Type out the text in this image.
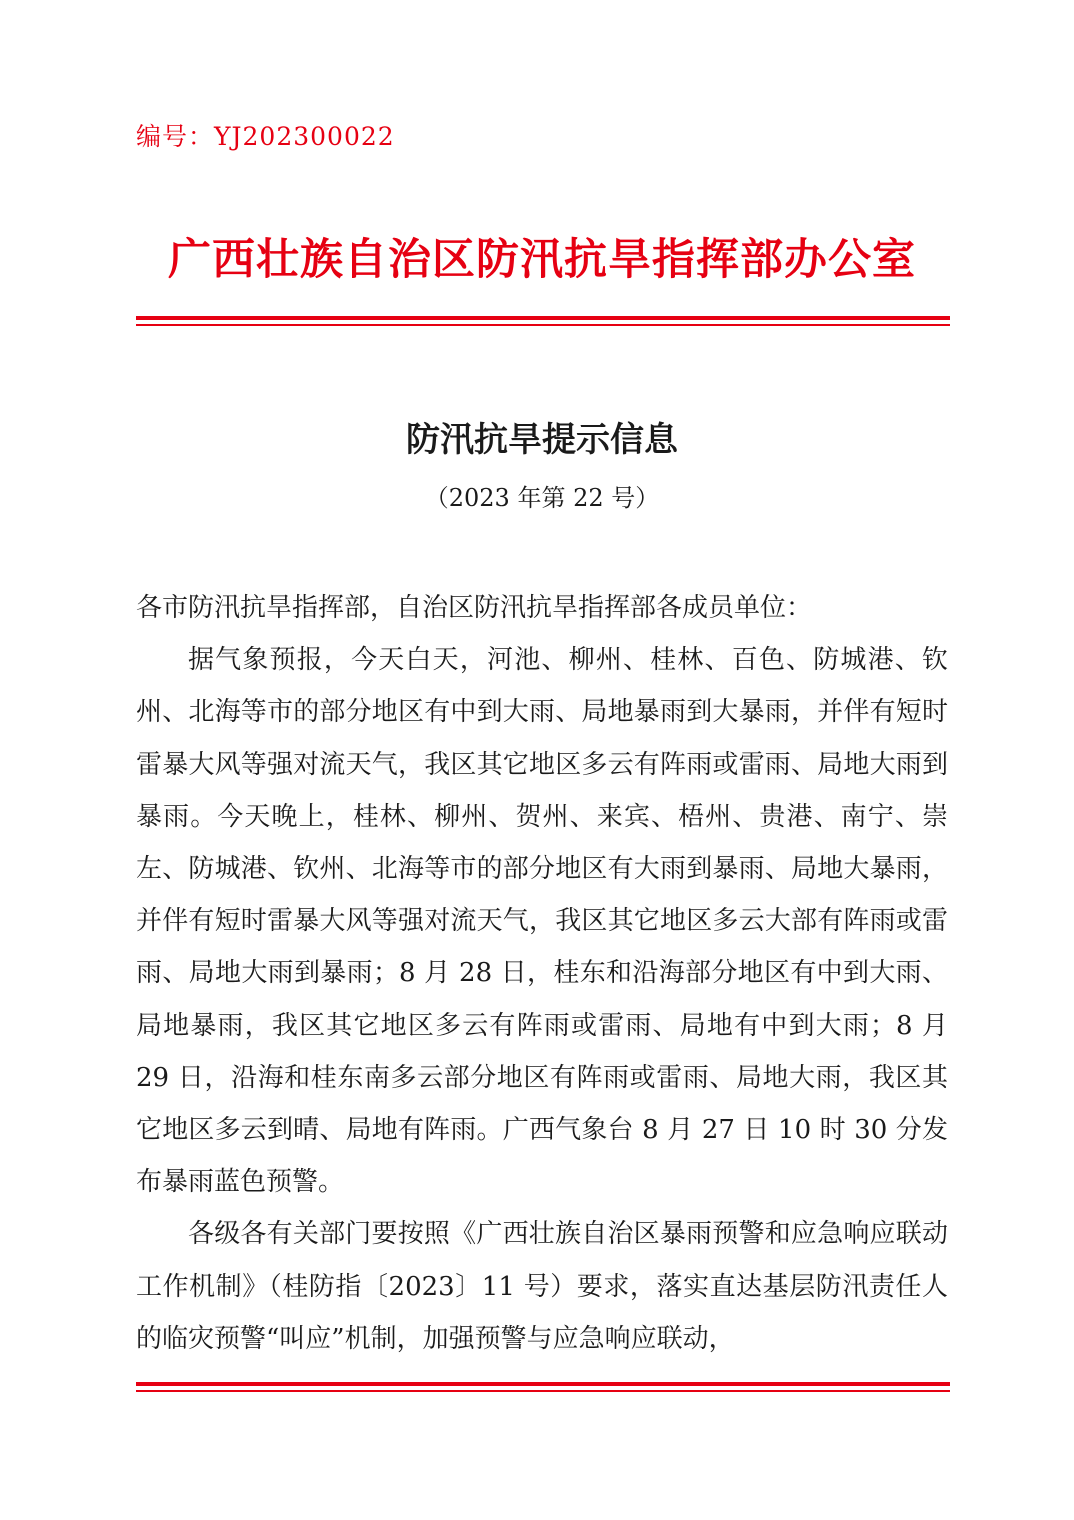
编号：YJ202300022
广西壮族自治区防汛抗旱指挥部办公室
防汛抗旱提示信息
（2023 年第 22 号）

各市防汛抗旱指挥部，自治区防汛抗旱指挥部各成员单位：

据气象预报，今天白天，河池、柳州、桂林、百色、防城港、钦州、北海等市的部分地区有中到大雨、局地暴雨到大暴雨，并伴有短时雷暴大风等强对流天气，我区其它地区多云有阵雨或雷雨、局地大雨到暴雨。今天晚上，桂林、柳州、贺州、来宾、梧州、贵港、南宁、崇左、防城港、钦州、北海等市的部分地区有大雨到暴雨、局地大暴雨，并伴有短时雷暴大风等强对流天气，我区其它地区多云大部有阵雨或雷雨、局地大雨到暴雨；8 月 28 日，桂东和沿海部分地区有中到大雨、局地暴雨，我区其它地区多云有阵雨或雷雨、局地有中到大雨；8 月 29 日，沿海和桂东南多云部分地区有阵雨或雷雨、局地大雨，我区其它地区多云到晴、局地有阵雨。广西气象台 8 月 27 日 10 时 30 分发布暴雨蓝色预警。

各级各有关部门要按照《广西壮族自治区暴雨预警和应急响应联动工作机制》（桂防指〔2023〕11 号）要求，落实直达基层防汛责任人的临灾预警“叫应”机制，加强预警与应急响应联动，
